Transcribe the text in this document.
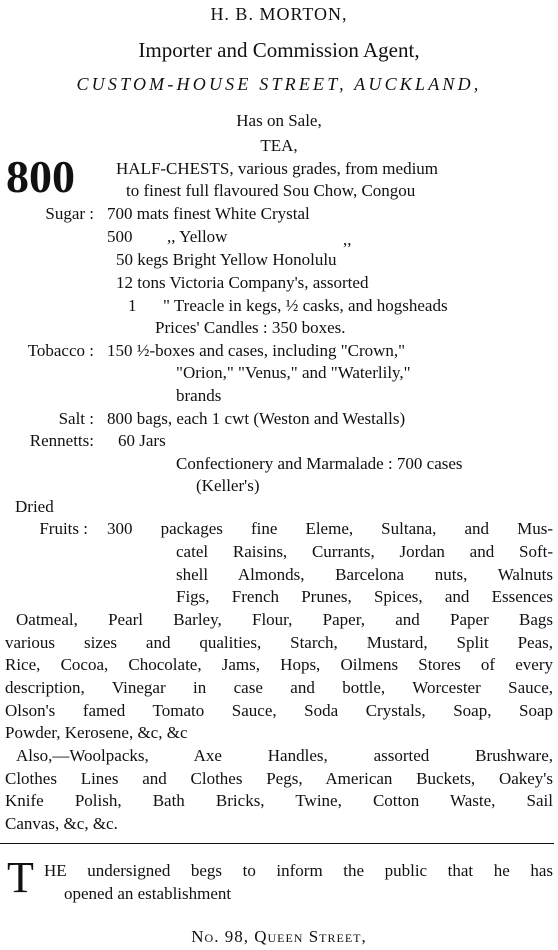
H. B. MORTON,
Importer and Commission Agent,
CUSTOM-HOUSE STREET, AUCKLAND,
Has on Sale,
TEA,
800 HALF-CHESTS, various grades, from medium
to finest full flavoured Sou Chow, Congou
Sugar : 700 mats finest White Crystal
500 ,, Yellow	,,
50 kegs Bright Yellow Honolulu
12 tons Victoria Company's, assorted
1 " Treacle in kegs, ½ casks, and hogsheads
Prices' Candles : 350 boxes.
Tobacco : 150 ½-boxes and cases, including "Crown,"
"Orion," "Venus," and "Waterlily,"
brands
Salt : 800 bags, each 1 cwt (Weston and Westalls)
Rennetts: 60 Jars
Confectionery and Marmalade : 700 cases
(Keller's)
Dried
Fruits : 300 packages fine Eleme, Sultana, and Mus-
catel Raisins, Currants, Jordan and Soft-
shell Almonds, Barcelona nuts, Walnuts
Figs, French Prunes, Spices, and Essences
Oatmeal, Pearl Barley, Flour, Paper, and Paper Bags
various sizes and qualities, Starch, Mustard, Split Peas,
Rice, Cocoa, Chocolate, Jams, Hops, Oilmens Stores of every
description, Vinegar in case and bottle, Worcester Sauce,
Olson's famed Tomato Sauce, Soda Crystals, Soap, Soap
Powder, Kerosene, &c, &c
Also,—Woolpacks, Axe Handles, assorted Brushware,
Clothes Lines and Clothes Pegs, American Buckets, Oakey's
Knife Polish, Bath Bricks, Twine, Cotton Waste, Sail
Canvas, &c, &c.
T HE undersigned begs to inform the public that he has
opened an establishment
No. 98, Queen Street,
